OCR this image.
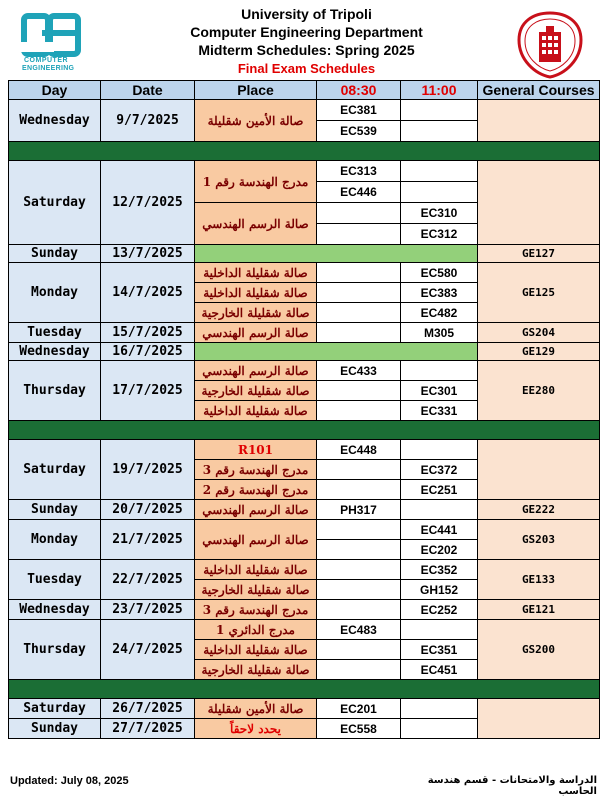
COMPUTER
ENGINEERING
University of Tripoli
Computer Engineering Department
Midterm Schedules: Spring 2025
Final Exam Schedules
Day	Date	Place	08:30	11:00	General Courses
Wednesday	9/7/2025	صالة الأمين شقليلة	EC381		
			EC539		

Saturday	12/7/2025	مدرج الهندسة رقم 1	EC313		
			EC446		
		صالة الرسم الهندسي		EC310	
				EC312	
Sunday	13/7/2025				GE127
Monday	14/7/2025	صالة شقليلة الداخلية		EC580	GE125
		صالة شقليلة الداخلية		EC383	
		صالة شقليلة الخارجية		EC482	
Tuesday	15/7/2025	صالة الرسم الهندسي		M305	GS204
Wednesday	16/7/2025				GE129
Thursday	17/7/2025	صالة الرسم الهندسي	EC433		EE280
		صالة شقليلة الخارجية		EC301	
		صالة شقليلة الداخلية		EC331	

Saturday	19/7/2025	R101	EC448		
		مدرج الهندسة رقم 3		EC372	
		مدرج الهندسة رقم 2		EC251	
Sunday	20/7/2025	صالة الرسم الهندسي	PH317		GE222
Monday	21/7/2025	صالة الرسم الهندسي		EC441	GS203
				EC202	
Tuesday	22/7/2025	صالة شقليلة الداخلية		EC352	GE133
		صالة شقليلة الخارجية		GH152	
Wednesday	23/7/2025	مدرج الهندسة رقم 3		EC252	GE121
Thursday	24/7/2025	مدرج الدائري 1	EC483		GS200
		صالة شقليلة الداخلية		EC351	
		صالة شقليلة الخارجية		EC451	

Saturday	26/7/2025	صالة الأمين شقليلة	EC201		
Sunday	27/7/2025	يحدد لاحقاً	EC558		
Updated: July 08, 2025	الدراسة والامتحانات - قسم هندسة الحاسب
